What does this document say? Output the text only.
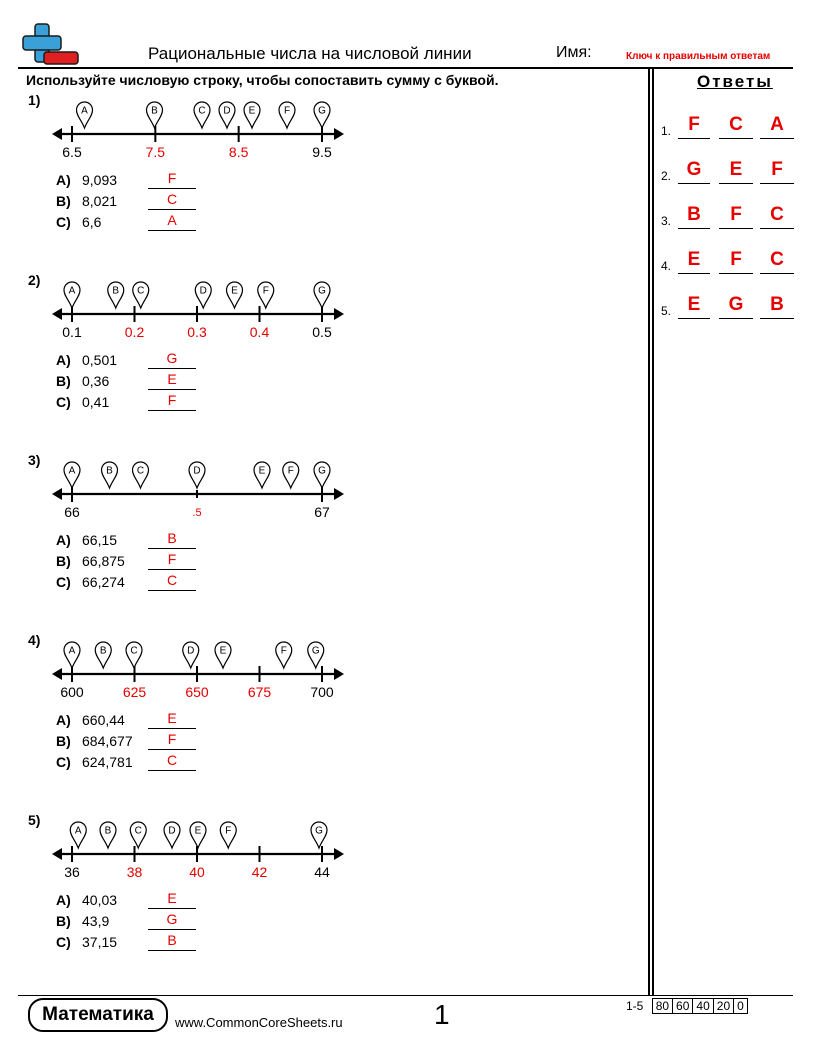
Рациональные числа на числовой линии	Имя:	Ключ к правильным ответам
Используйте числовую строку, чтобы сопоставить сумму с буквой.	Ответы
1)
A	B	C D E	F	G
6.5	7.5	8.5	9.5
A) 9,093	F
B) 8,021	C
C) 6,6	A
2)
A	B C	D E F	G
0.1	0.2	0.3	0.4	0.5
A) 0,501	G
B) 0,36	E
C) 0,41	F
3)
A	B C	D	E F G
66	.5	67
A) 66,15	B
B) 66,875	F
C) 66,274	C
4)
A B C	D	E	F	G
600	625	650	675	700
A) 660,44	E
B) 684,677	F
C) 624,781	C
5)
A B C	D E F	G
36	38	40	42	44
A) 40,03	E
B) 43,9	G
C) 37,15	B
1. F	C	A
2. G	E	F
3. B	F	C
4. E	F	C
5. E	G	B
Математика	www.CommonCoreSheets.ru	1	1-5 80 60 40 20 0
